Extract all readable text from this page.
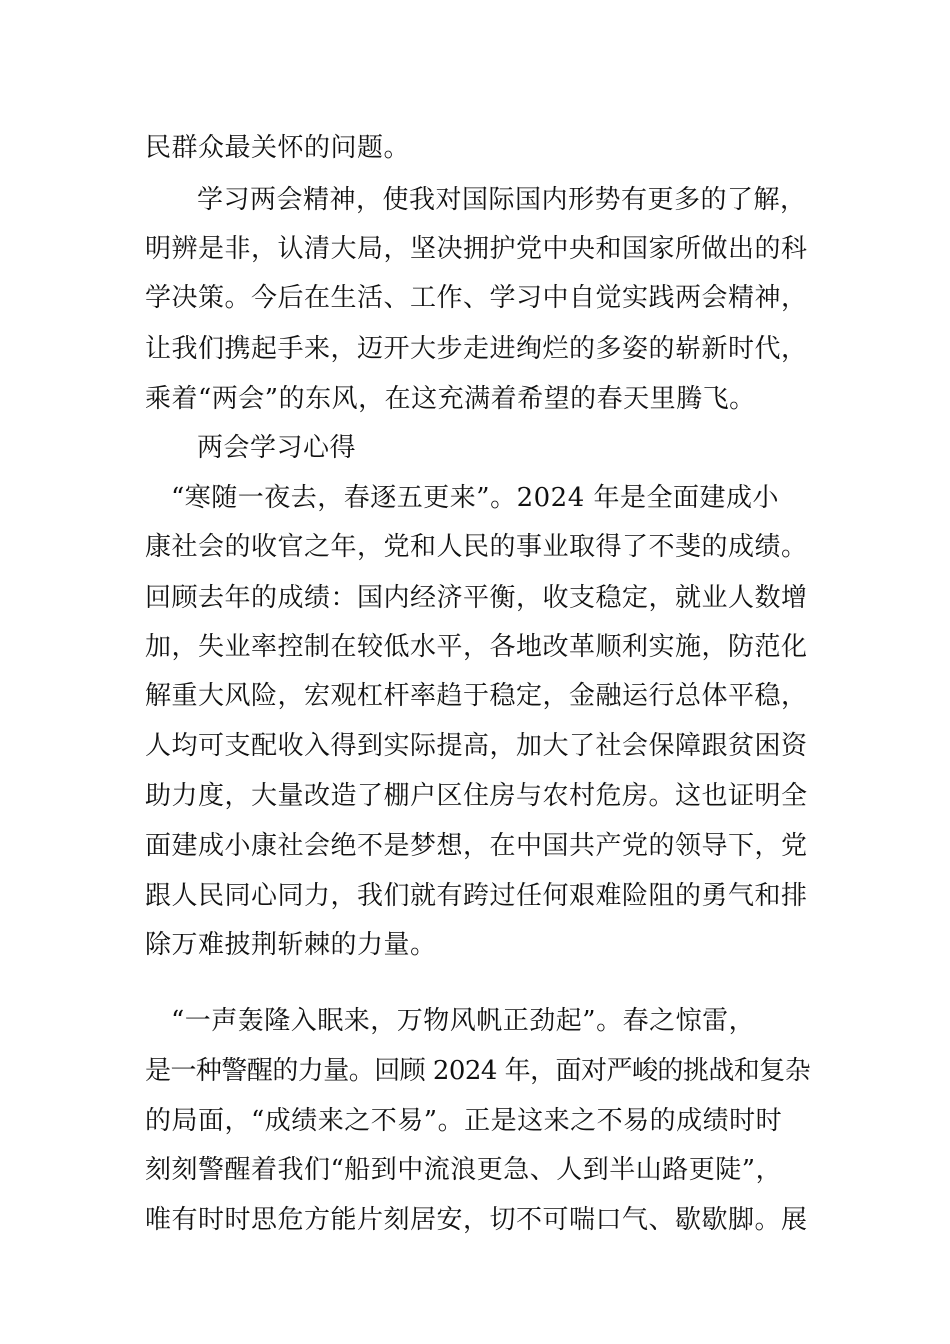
民群众最关怀的问题。
学习两会精神，使我对国际国内形势有更多的了解，
明辨是非，认清大局，坚决拥护党中央和国家所做出的科
学决策。今后在生活、工作、学习中自觉实践两会精神，
让我们携起手来，迈开大步走进绚烂的多姿的崭新时代，
乘着“两会”的东风，在这充满着希望的春天里腾飞。
两会学习心得
“寒随一夜去，春逐五更来”。2024 年是全面建成小
康社会的收官之年，党和人民的事业取得了不斐的成绩。
回顾去年的成绩：国内经济平衡，收支稳定，就业人数增
加，失业率控制在较低水平，各地改革顺利实施，防范化
解重大风险，宏观杠杆率趋于稳定，金融运行总体平稳，
人均可支配收入得到实际提高，加大了社会保障跟贫困资
助力度，大量改造了棚户区住房与农村危房。这也证明全
面建成小康社会绝不是梦想，在中国共产党的领导下，党
跟人民同心同力，我们就有跨过任何艰难险阻的勇气和排
除万难披荆斩棘的力量。
“一声轰隆入眠来，万物风帆正劲起”。春之惊雷，
是一种警醒的力量。回顾 2024 年，面对严峻的挑战和复杂
的局面，“成绩来之不易”。正是这来之不易的成绩时时
刻刻警醒着我们“船到中流浪更急、人到半山路更陡”，
唯有时时思危方能片刻居安，切不可喘口气、歇歇脚。展
